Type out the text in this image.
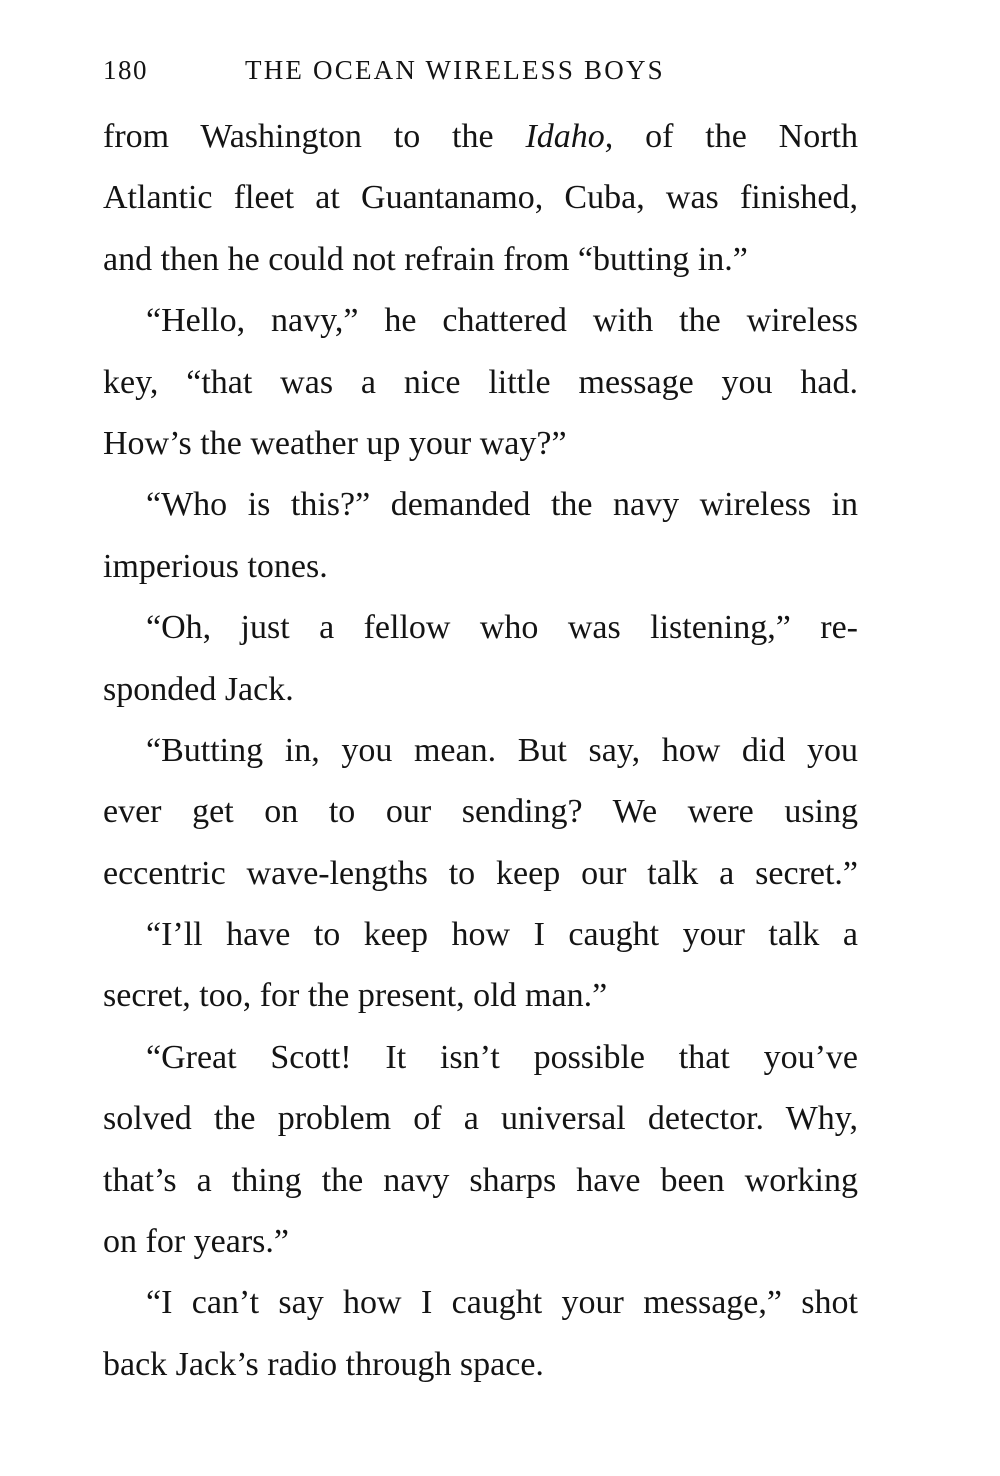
180	THE OCEAN WIRELESS BOYS
from Washington to the Idaho, of the North
Atlantic fleet at Guantanamo, Cuba, was finished,
and then he could not refrain from “butting in.”
“Hello, navy,” he chattered with the wireless
key, “that was a nice little message you had.
How’s the weather up your way?”
“Who is this?” demanded the navy wireless in
imperious tones.
“Oh, just a fellow who was listening,” re-
sponded Jack.
“Butting in, you mean. But say, how did you
ever get on to our sending? We were using
eccentric wave-lengths to keep our talk a secret.”
“I’ll have to keep how I caught your talk a
secret, too, for the present, old man.”
“Great Scott! It isn’t possible that you’ve
solved the problem of a universal detector. Why,
that’s a thing the navy sharps have been working
on for years.”
“I can’t say how I caught your message,” shot
back Jack’s radio through space.
